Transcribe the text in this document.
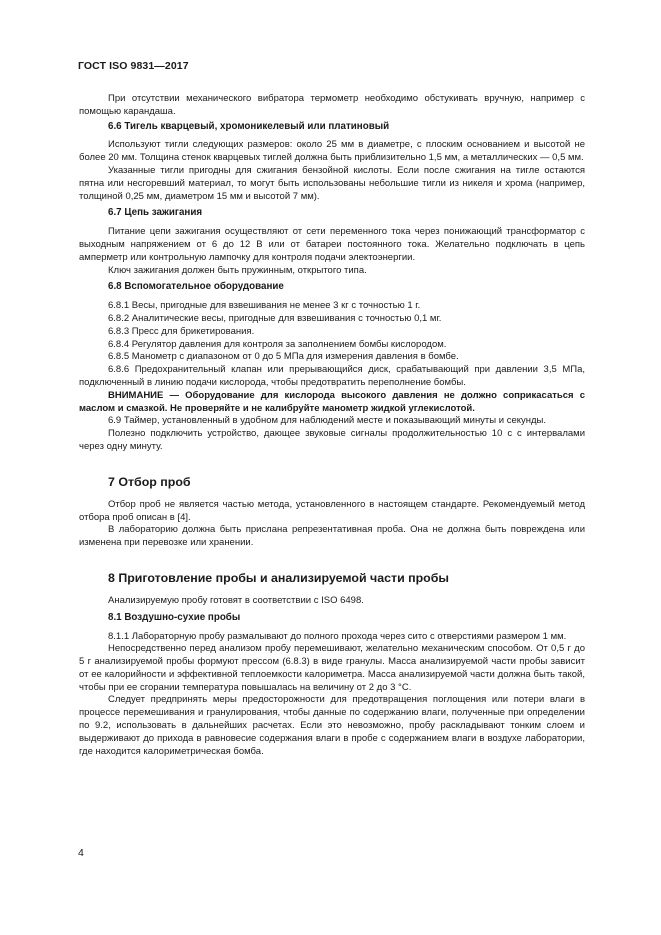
ГОСТ ISO 9831—2017

При отсутствии механического вибратора термометр необходимо обстукивать вручную, например с помощью карандаша.

6.6 Тигель кварцевый, хромоникелевый или платиновый

Используют тигли следующих размеров: около 25 мм в диаметре, с плоским основанием и высотой не более 20 мм. Толщина стенок кварцевых тиглей должна быть приблизительно 1,5 мм, а металлических — 0,5 мм.

Указанные тигли пригодны для сжигания бензойной кислоты. Если после сжигания на тигле остаются пятна или несгоревший материал, то могут быть использованы небольшие тигли из никеля и хрома (например, толщиной 0,25 мм, диаметром 15 мм и высотой 7 мм).

6.7 Цепь зажигания

Питание цепи зажигания осуществляют от сети переменного тока через понижающий трансформатор с выходным напряжением от 6 до 12 В или от батареи постоянного тока. Желательно подключать в цепь амперметр или контрольную лампочку для контроля подачи электоэнергии.

Ключ зажигания должен быть пружинным, открытого типа.

6.8 Вспомогательное оборудование

6.8.1 Весы, пригодные для взвешивания не менее 3 кг с точностью 1 г.

6.8.2 Аналитические весы, пригодные для взвешивания с точностью 0,1 мг.

6.8.3 Пресс для брикетирования.

6.8.4 Регулятор давления для контроля за заполнением бомбы кислородом.

6.8.5 Манометр с диапазоном от 0 до 5 МПа для измерения давления в бомбе.

6.8.6 Предохранительный клапан или прерывающийся диск, срабатывающий при давлении 3,5 МПа, подключенный в линию подачи кислорода, чтобы предотвратить переполнение бомбы.

ВНИМАНИЕ — Оборудование для кислорода высокого давления не должно соприкасаться с маслом и смазкой. Не проверяйте и не калибруйте манометр жидкой углекислотой.

6.9 Таймер, установленный в удобном для наблюдений месте и показывающий минуты и секунды.

Полезно подключить устройство, дающее звуковые сигналы продолжительностью 10 с с интервалами через одну минуту.

7 Отбор проб

Отбор проб не является частью метода, установленного в настоящем стандарте. Рекомендуемый метод отбора проб описан в [4].

В лабораторию должна быть прислана репрезентативная проба. Она не должна быть повреждена или изменена при перевозке или хранении.

8 Приготовление пробы и анализируемой части пробы

Анализируемую пробу готовят в соответствии с ISO 6498.

8.1 Воздушно-сухие пробы

8.1.1 Лабораторную пробу размалывают до полного прохода через сито с отверстиями размером 1 мм.

Непосредственно перед анализом пробу перемешивают, желательно механическим способом. От 0,5 г до 5 г анализируемой пробы формуют прессом (6.8.3) в виде гранулы. Масса анализируемой части пробы зависит от ее калорийности и эффективной теплоемкости калориметра. Масса анализируемой части должна быть такой, чтобы при ее сгорании температура повышалась на величину от 2 до 3 °С.

Следует предпринять меры предосторожности для предотвращения поглощения или потери влаги в процессе перемешивания и гранулирования, чтобы данные по содержанию влаги, полученные при определении по 9.2, использовать в дальнейших расчетах. Если это невозможно, пробу раскладывают тонким слоем и выдерживают до прихода в равновесие содержания влаги в пробе с содержанием влаги в воздухе лаборатории, где находится калориметрическая бомба.

4
